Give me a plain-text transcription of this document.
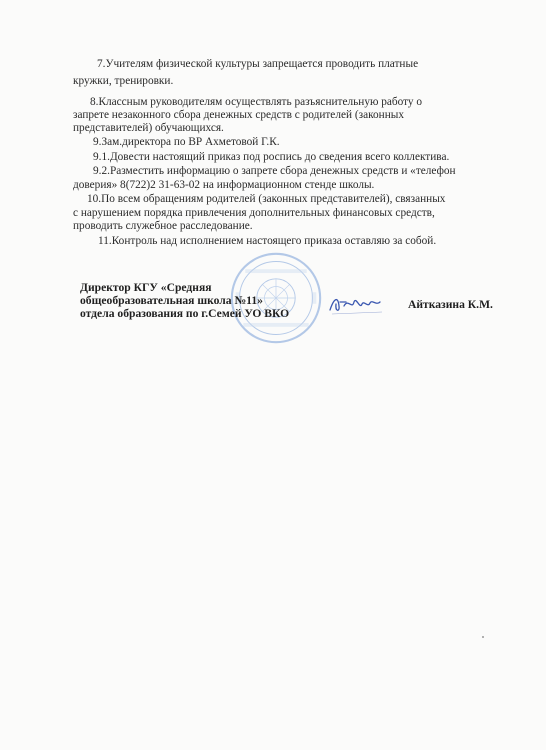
7.Учителям физической культуры запрещается проводить платные
кружки, тренировки.
8.Классным руководителям осуществлять разъяснительную работу о
запрете незаконного сбора денежных средств с родителей (законных
представителей) обучающихся.
9.Зам.директора по ВР Ахметовой Г.К.
9.1.Довести настоящий приказ под роспись до сведения всего коллектива.
9.2.Разместить информацию о запрете сбора денежных средств и «телефон
доверия» 8(722)2 31-63-02 на информационном стенде школы.
10.По всем обращениям родителей (законных представителей), связанных
с нарушением порядка привлечения дополнительных финансовых средств,
проводить служебное расследование.
11.Контроль над исполнением настоящего приказа оставляю за собой.
Директор КГУ «Средняя
общеобразовательная школа №11»
отдела образования по г.Семей УО ВКО
Айтказина К.М.
